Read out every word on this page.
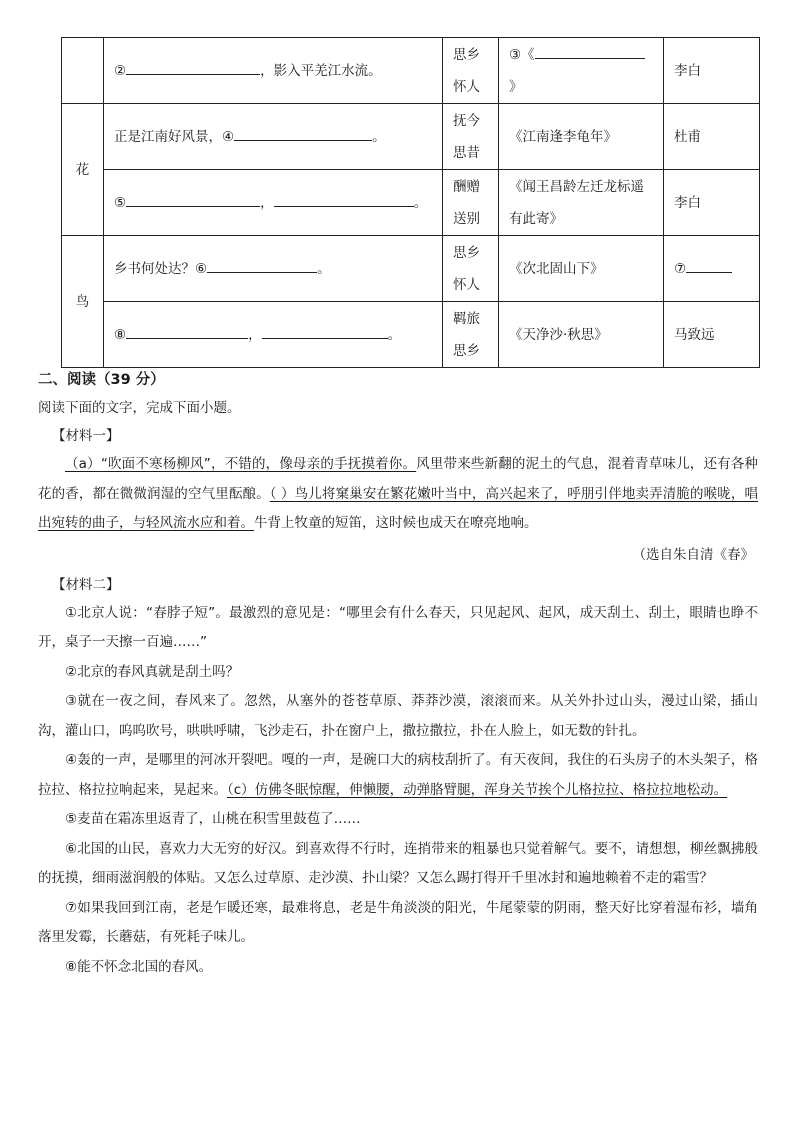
	② ，影入平羌江水流。	思乡怀人	③《》	李白
花	正是江南好风景，④ 。	抚今思昔	《江南逢李龟年》	杜甫
	⑤ ， 。	酬赠送别	《闻王昌龄左迁龙标遥有此寄》	李白
鸟	乡书何处达？⑥ 。	思乡怀人	《次北固山下》	⑦
	⑧ ， 。	羁旅思乡	《天净沙·秋思》	马致远

二、阅读（39 分）

阅读下面的文字，完成下面小题。

【材料一】

（a）“吹面不寒杨柳风”，不错的，像母亲的手抚摸着你。风里带来些新翻的泥土的气息，混着青草味儿，还有各种花的香，都在微微润湿的空气里酝酿。（ ）鸟儿将窠巢安在繁花嫩叶当中，高兴起来了，呼朋引伴地卖弄清脆的喉咙，唱出宛转的曲子，与轻风流水应和着。牛背上牧童的短笛，这时候也成天在嘹亮地响。

（选自朱自清《春》

【材料二】

①北京人说：“春脖子短”。最激烈的意见是：“哪里会有什么春天，只见起风、起风，成天刮土、刮土，眼睛也睁不开，桌子一天擦一百遍……”

②北京的春风真就是刮土吗？

③就在一夜之间，春风来了。忽然，从塞外的苍苍草原、莽莽沙漠，滚滚而来。从关外扑过山头，漫过山梁，插山沟，灌山口，呜呜吹号，哄哄呼啸，飞沙走石，扑在窗户上，撒拉撒拉，扑在人脸上，如无数的针扎。

④轰的一声，是哪里的河冰开裂吧。嘎的一声，是碗口大的病枝刮折了。有天夜间，我住的石头房子的木头架子，格拉拉、格拉拉响起来，晃起来。（c）仿佛冬眠惊醒，伸懒腰，动弹胳臂腿，浑身关节挨个儿格拉拉、格拉拉地松动。

⑤麦苗在霜冻里返青了，山桃在积雪里鼓苞了……

⑥北国的山民，喜欢力大无穷的好汉。到喜欢得不行时，连捎带来的粗暴也只觉着解气。要不，请想想，柳丝飘拂般的抚摸，细雨滋润般的体贴。又怎么过草原、走沙漠、扑山梁？又怎么踢打得开千里冰封和遍地赖着不走的霜雪？

⑦如果我回到江南，老是乍暖还寒，最难将息，老是牛角淡淡的阳光，牛尾蒙蒙的阴雨，整天好比穿着湿布衫，墙角落里发霉，长蘑菇，有死耗子味儿。

⑧能不怀念北国的春风。
